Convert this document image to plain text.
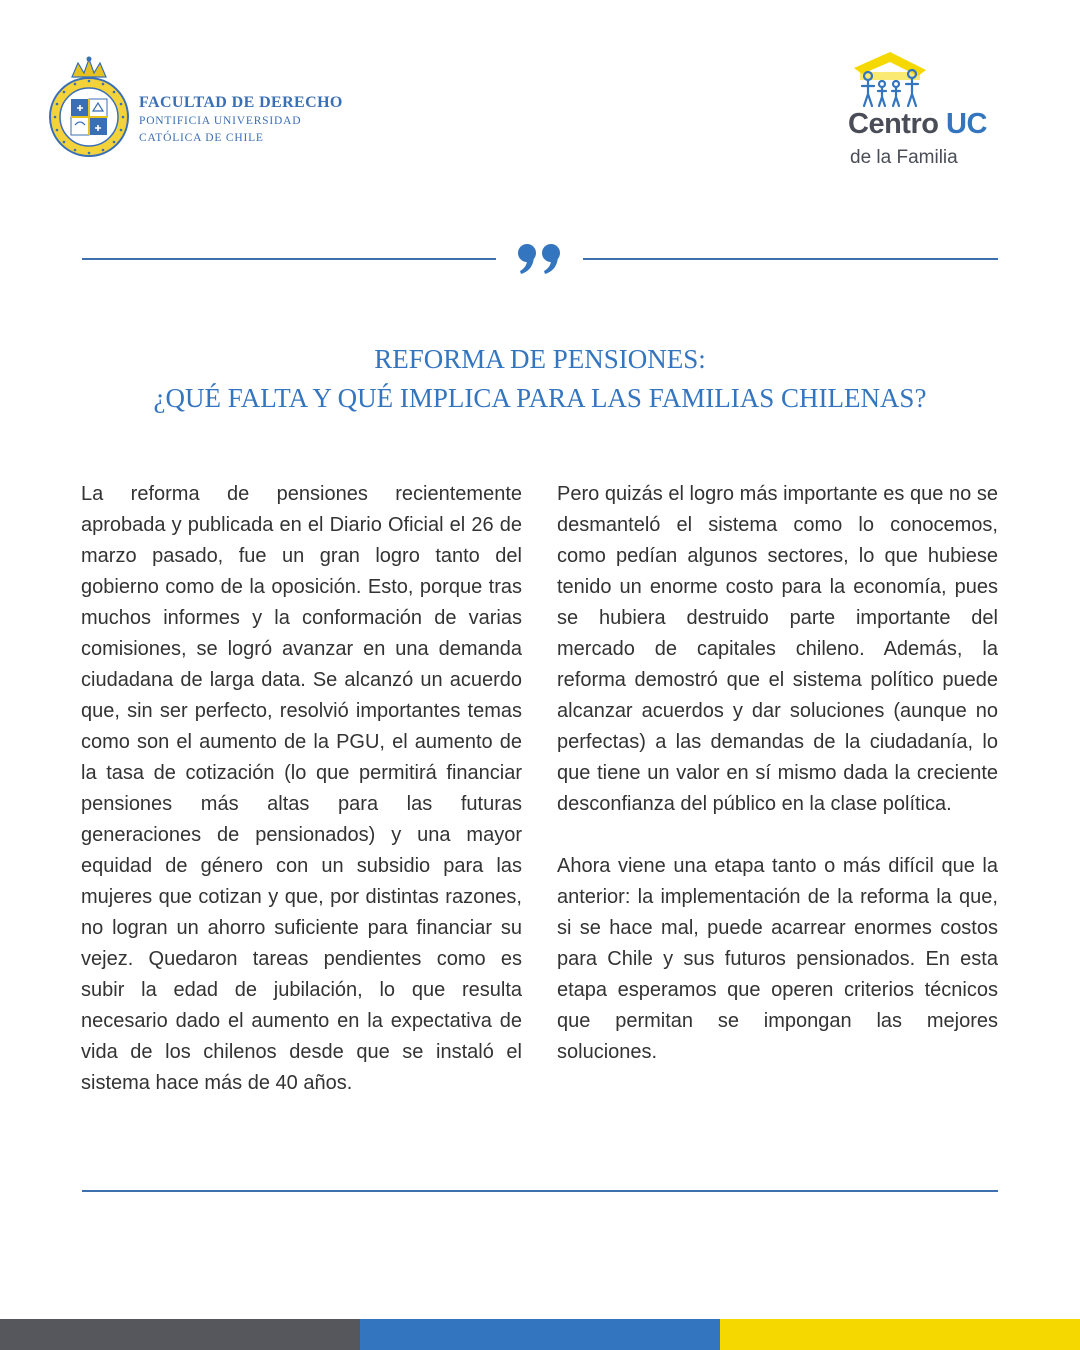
FACULTAD DE DERECHO
PONTIFICIA UNIVERSIDAD
CATÓLICA DE CHILE	Centro UC
de la Familia
REFORMA DE PENSIONES:
¿QUÉ FALTA Y QUÉ IMPLICA PARA LAS FAMILIAS CHILENAS?

La reforma de pensiones recientemente aprobada y publicada en el Diario Oficial el 26 de marzo pasado, fue un gran logro tanto del gobierno como de la oposición. Esto, porque tras muchos informes y la conformación de varias comisiones, se logró avanzar en una demanda ciudadana de larga data. Se alcanzó un acuerdo que, sin ser perfecto, resolvió importantes temas como son el aumento de la PGU, el aumento de la tasa de cotización (lo que permitirá financiar pensiones más altas para las futuras generaciones de pensionados) y una mayor equidad de género con un subsidio para las mujeres que cotizan y que, por distintas razones, no logran un ahorro suficiente para financiar su vejez. Quedaron tareas pendientes como es subir la edad de jubilación, lo que resulta necesario dado el aumento en la expectativa de vida de los chilenos desde que se instaló el sistema hace más de 40 años.

Pero quizás el logro más importante es que no se desmanteló el sistema como lo conocemos, como pedían algunos sectores, lo que hubiese tenido un enorme costo para la economía, pues se hubiera destruido parte importante del mercado de capitales chileno. Además, la reforma demostró que el sistema político puede alcanzar acuerdos y dar soluciones (aunque no perfectas) a las demandas de la ciudadanía, lo que tiene un valor en sí mismo dada la creciente desconfianza del público en la clase política.

Ahora viene una etapa tanto o más difícil que la anterior: la implementación de la reforma la que, si se hace mal, puede acarrear enormes costos para Chile y sus futuros pensionados. En esta etapa esperamos que operen criterios técnicos que permitan se impongan las mejores soluciones.
